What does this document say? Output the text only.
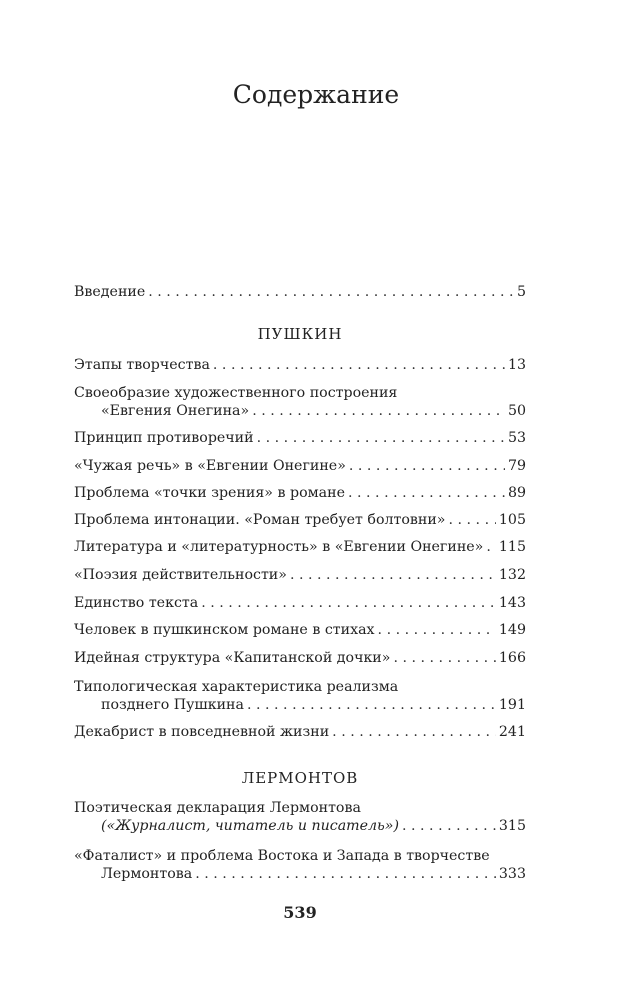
Содержание
Введение . . .	5
ПУШКИН
Этапы творчества . . .	13
Своеобразие художественного построения
«Евгения Онегина» . . .	50
Принцип противоречий . . .	53
«Чужая речь» в «Евгении Онегине» . . .	79
Проблема «точки зрения» в романе . . .	89
Проблема интонации. «Роман требует болтовни» . . .	105
Литература и «литературность» в «Евгении Онегине» . . . 115
«Поэзия действительности» . . .	132
Единство текста . . .	143
Человек в пушкинском романе в стихах . . .	149
Идейная структура «Капитанской дочки» . . .	166
Типологическая характеристика реализма
позднего Пушкина . . .	191
Декабрист в повседневной жизни . . .	241
ЛЕРМОНТОВ
Поэтическая декларация Лермонтова
(«Журналист, читатель и писатель») . . .	315
«Фаталист» и проблема Востока и Запада в творчестве
Лермонтова . . .	333
539
